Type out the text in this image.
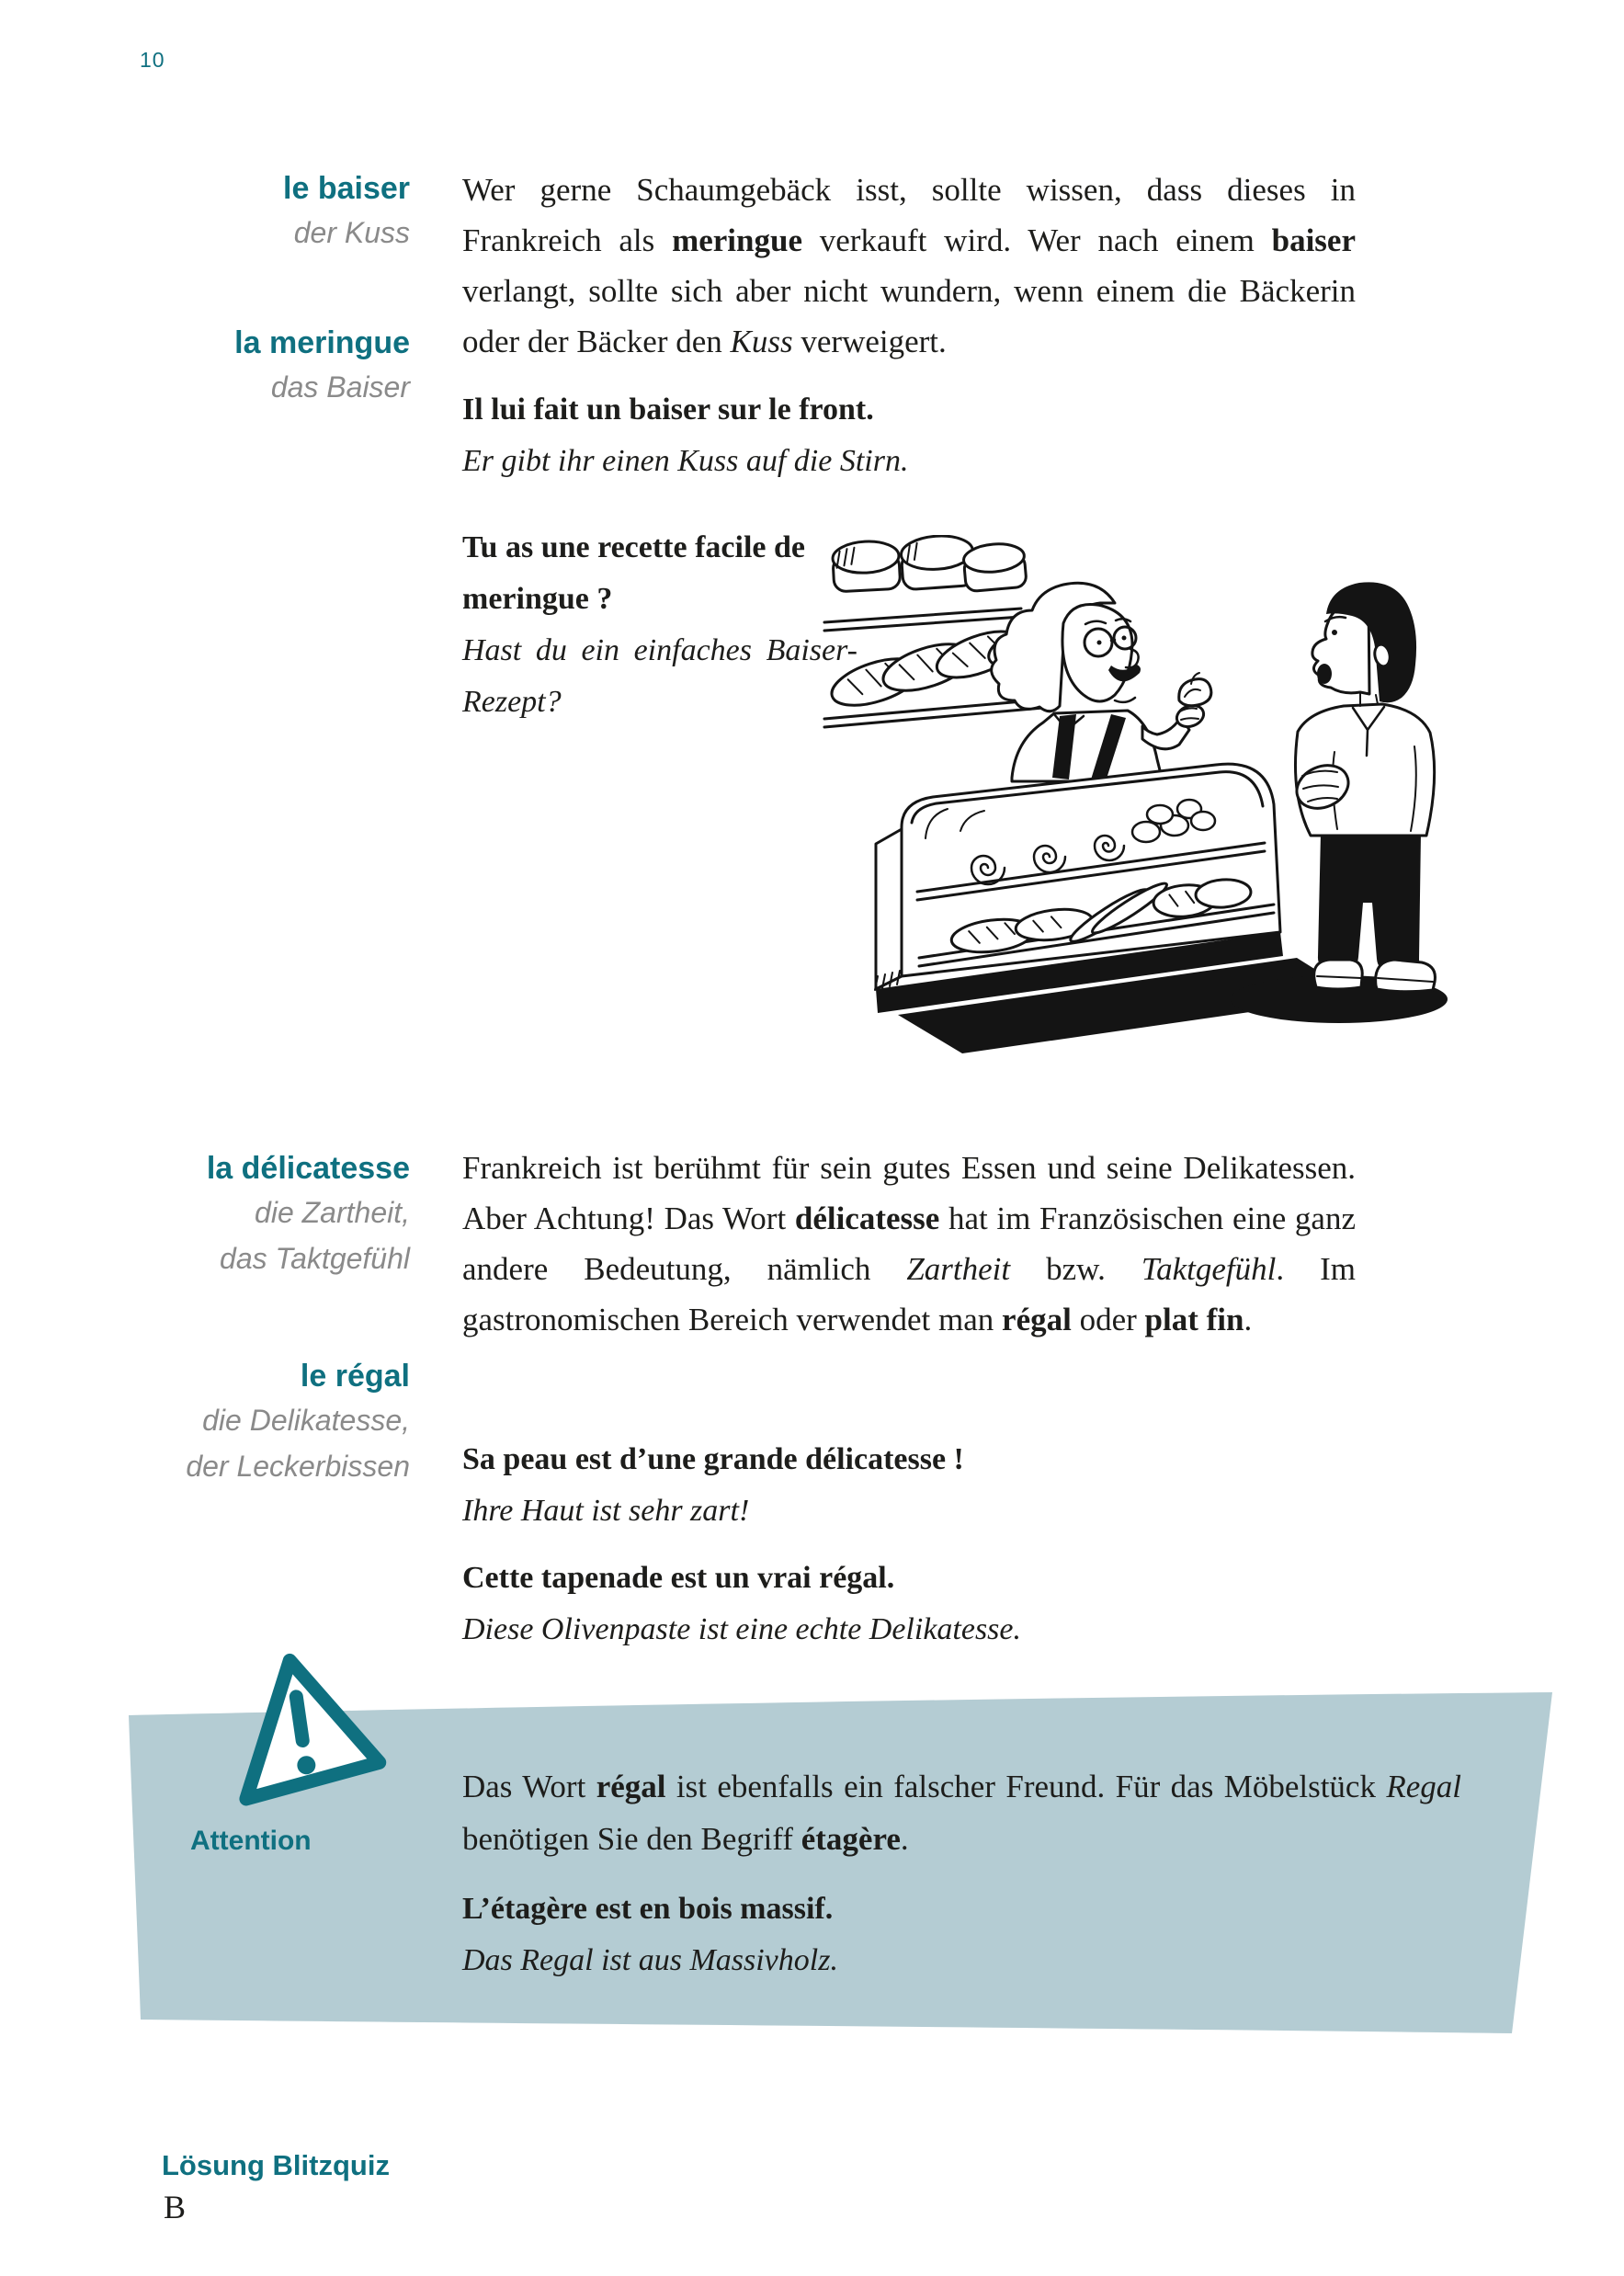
10
le baiser
der Kuss
la meringue
das Baiser
Wer gerne Schaumgebäck isst, sollte wissen, dass dieses in Frankreich als meringue verkauft wird. Wer nach einem baiser verlangt, sollte sich aber nicht wundern, wenn einem die Bäckerin oder der Bäcker den Kuss verweigert.
Il lui fait un baiser sur le front.
Er gibt ihr einen Kuss auf die Stirn.
Tu as une recette facile de meringue ?
Hast du ein einfaches Baiser-Rezept?
la délicatesse
die Zartheit,
das Taktgefühl
le régal
die Delikatesse,
der Leckerbissen
Frankreich ist berühmt für sein gutes Essen und seine Delikatessen. Aber Achtung! Das Wort délicatesse hat im Französischen eine ganz andere Bedeutung, nämlich Zartheit bzw. Taktgefühl. Im gastronomischen Bereich verwendet man régal oder plat fin.
Sa peau est d’une grande délicatesse !
Ihre Haut ist sehr zart!
Cette tapenade est un vrai régal.
Diese Olivenpaste ist eine echte Delikatesse.
Attention
Das Wort régal ist ebenfalls ein falscher Freund. Für das Möbelstück Regal benötigen Sie den Begriff étagère.
L’étagère est en bois massif.
Das Regal ist aus Massivholz.
Lösung Blitzquiz
B
